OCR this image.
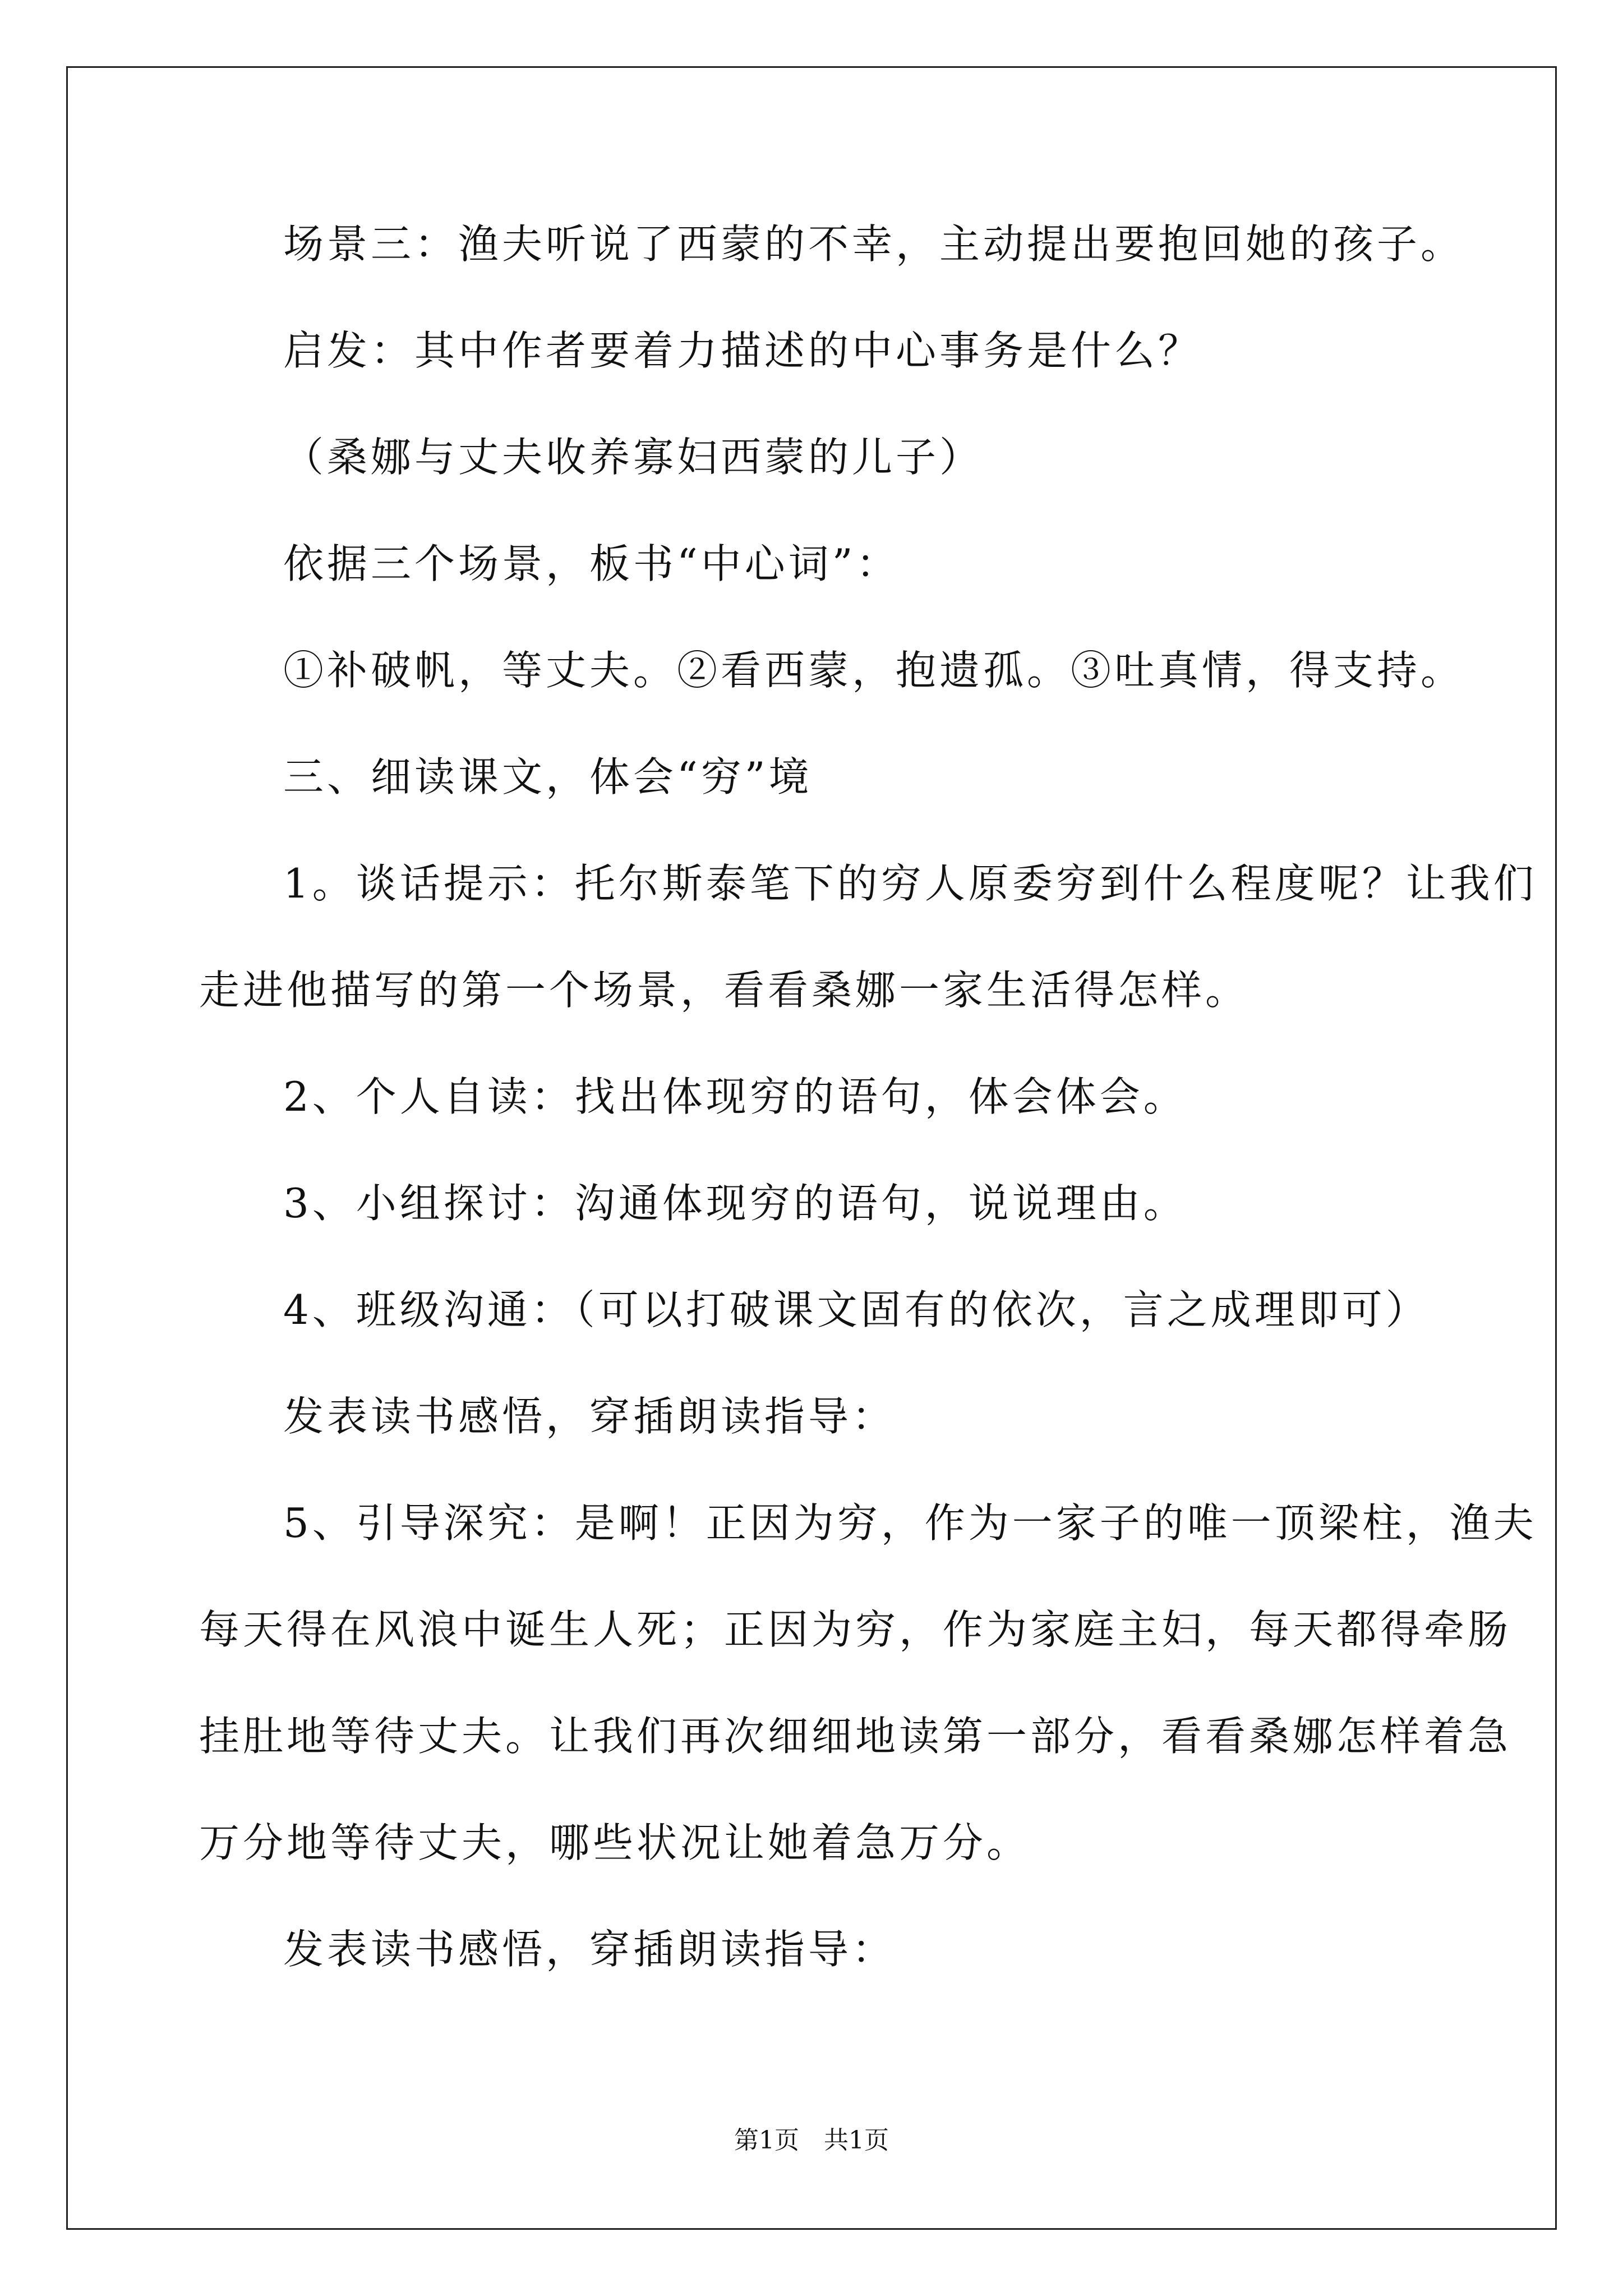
场景三：渔夫听说了西蒙的不幸，主动提出要抱回她的孩子。
启发：其中作者要着力描述的中心事务是什么？
（桑娜与丈夫收养寡妇西蒙的儿子）
依据三个场景，板书“中心词”：
①补破帆，等丈夫。②看西蒙，抱遗孤。③吐真情，得支持。
三、细读课文，体会“穷”境
1。谈话提示：托尔斯泰笔下的穷人原委穷到什么程度呢？让我们
走进他描写的第一个场景，看看桑娜一家生活得怎样。
2、个人自读：找出体现穷的语句，体会体会。
3、小组探讨：沟通体现穷的语句，说说理由。
4、班级沟通：（可以打破课文固有的依次，言之成理即可）
发表读书感悟，穿插朗读指导：
5、引导深究：是啊！正因为穷，作为一家子的唯一顶梁柱，渔夫
每天得在风浪中诞生人死；正因为穷，作为家庭主妇，每天都得牵肠
挂肚地等待丈夫。让我们再次细细地读第一部分，看看桑娜怎样着急
万分地等待丈夫，哪些状况让她着急万分。
发表读书感悟，穿插朗读指导：
第1页　共1页
